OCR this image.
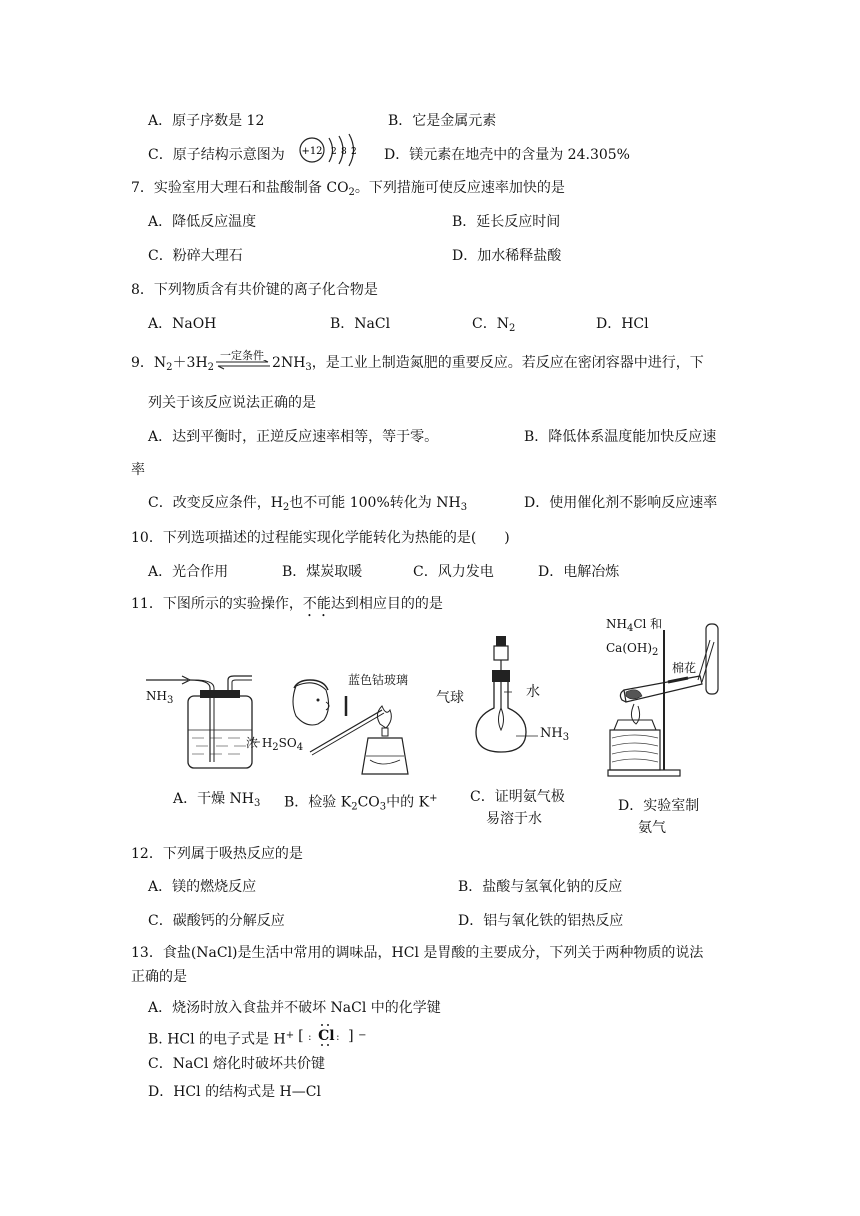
A．原子序数是 12	B．它是金属元素
C．原子结构示意图为 +12 2 8 2 D．镁元素在地壳中的含量为 24.305%
7．实验室用大理石和盐酸制备 $CO_2$。下列措施可使反应速率加快的是
A．降低反应温度	B．延长反应时间
C．粉碎大理石	D．加水稀释盐酸
8．下列物质含有共价键的离子化合物是
A．NaOH	B．NaCl	C．$N_2$	D．HCl
9．$N_2+3H_2$
一定条件 $2NH_3$，是工业上制造氮肥的重要反应。若反应在密闭容器中进行，下
列关于该反应说法正确的是
A．达到平衡时，正逆反应速率相等，等于零。	B．降低体系温度能加快反应速
率
C．改变反应条件，$H_2$也不可能 100%转化为 $NH_3$	D．使用催化剂不影响反应速率
10．下列选项描述的过程能实现化学能转化为热能的是(　　)
A．光合作用	B．煤炭取暖	C．风力发电	D．电解冶炼
11．下图所示的实验操作，不能达到相应目的的是
$NH_3$
浓 $H_2SO_4$
A．干燥 $NH_3$
蓝色钴玻璃
B．检验 $K_2CO_3$中的 K+
气球	水
$NH_3$
C．证明氨气极
易溶于水
$NH_4Cl$ 和
$Ca(OH)_2$
棉花
D．实验室制
氨气
12．下列属于吸热反应的是
A．镁的燃烧反应	B．盐酸与氢氧化钠的反应
C．碳酸钙的分解反应	D．铝与氧化铁的铝热反应
13．食盐(NaCl)是生活中常用的调味品，HCl 是胃酸的主要成分，下列关于两种物质的说法
正确的是
A．烧汤时放入食盐并不破坏 NaCl 中的化学键
B. HCl 的电子式是 H+ [ : Cl : ] −
C．NaCl 熔化时破坏共价键
D．HCl 的结构式是 H—Cl
